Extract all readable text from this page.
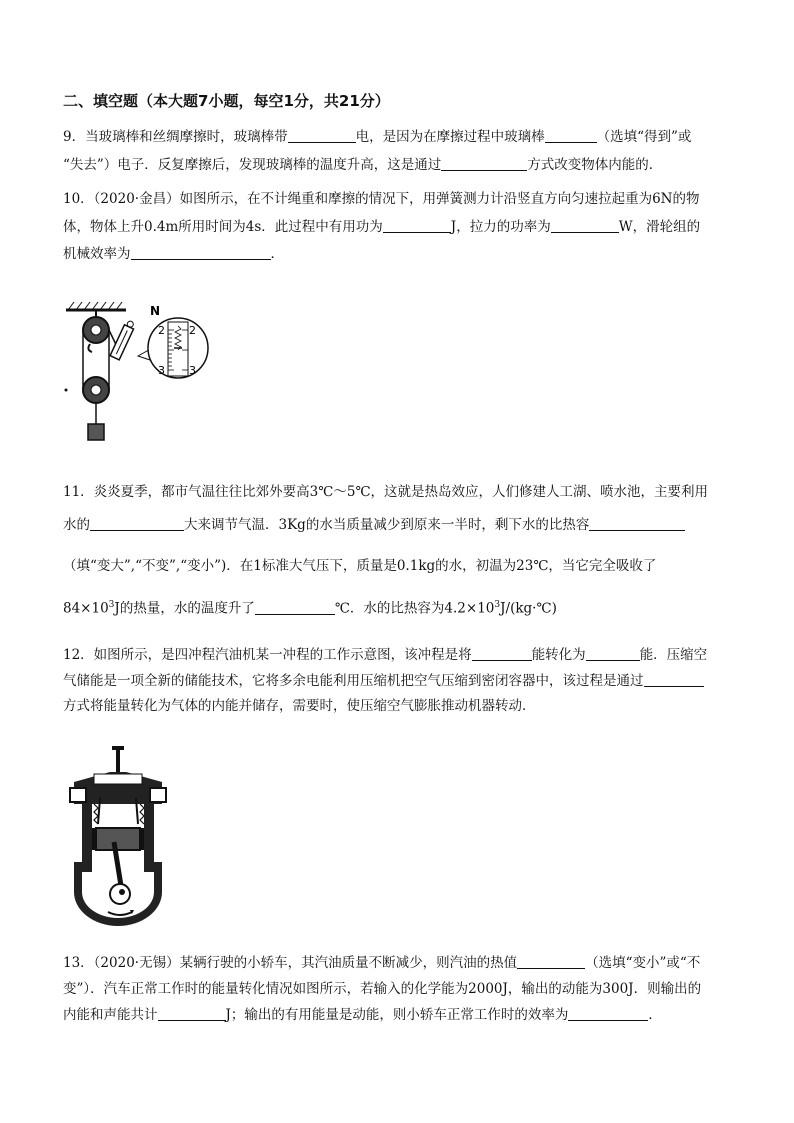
二、填空题（本大题7小题，每空1分，共21分）
9．当玻璃棒和丝绸摩擦时，玻璃棒带	电，是因为在摩擦过程中玻璃棒	（选填“得到”或
“失去”）电子．反复摩擦后，发现玻璃棒的温度升高，这是通过	方式改变物体内能的．
10．（2020·金昌）如图所示，在不计绳重和摩擦的情况下，用弹簧测力计沿竖直方向匀速拉起重为6N的物
体，物体上升0.4m所用时间为4s．此过程中有用功为	J，拉力的功率为	W，滑轮组的
机械效率为	．
N
2
3
2
3
11．炎炎夏季，都市气温往往比郊外要高3℃～5℃，这就是热岛效应，人们修建人工湖、喷水池，主要利用
水的	大来调节气温．3Kg的水当质量减少到原来一半时，剩下水的比热容
（填“变大”,“不变”,“变小”)．在1标准大气压下，质量是0.1kg的水，初温为23℃，当它完全吸收了
$84\times 10^3J$的热量，水的温度升了	℃．水的比热容为$4.2\times 10^3J/(kg\cdot℃)$
12．如图所示，是四冲程汽油机某一冲程的工作示意图，该冲程是将	能转化为	能．压缩空
气储能是一项全新的储能技术，它将多余电能利用压缩机把空气压缩到密闭容器中，该过程是通过
方式将能量转化为气体的内能并储存，需要时，使压缩空气膨胀推动机器转动．
13．（2020·无锡）某辆行驶的小轿车，其汽油质量不断减少，则汽油的热值	（选填“变小”或“不
变”）．汽车正常工作时的能量转化情况如图所示，若输入的化学能为2000J，输出的动能为300J．则输出的
内能和声能共计	J；输出的有用能量是动能，则小轿车正常工作时的效率为	．
